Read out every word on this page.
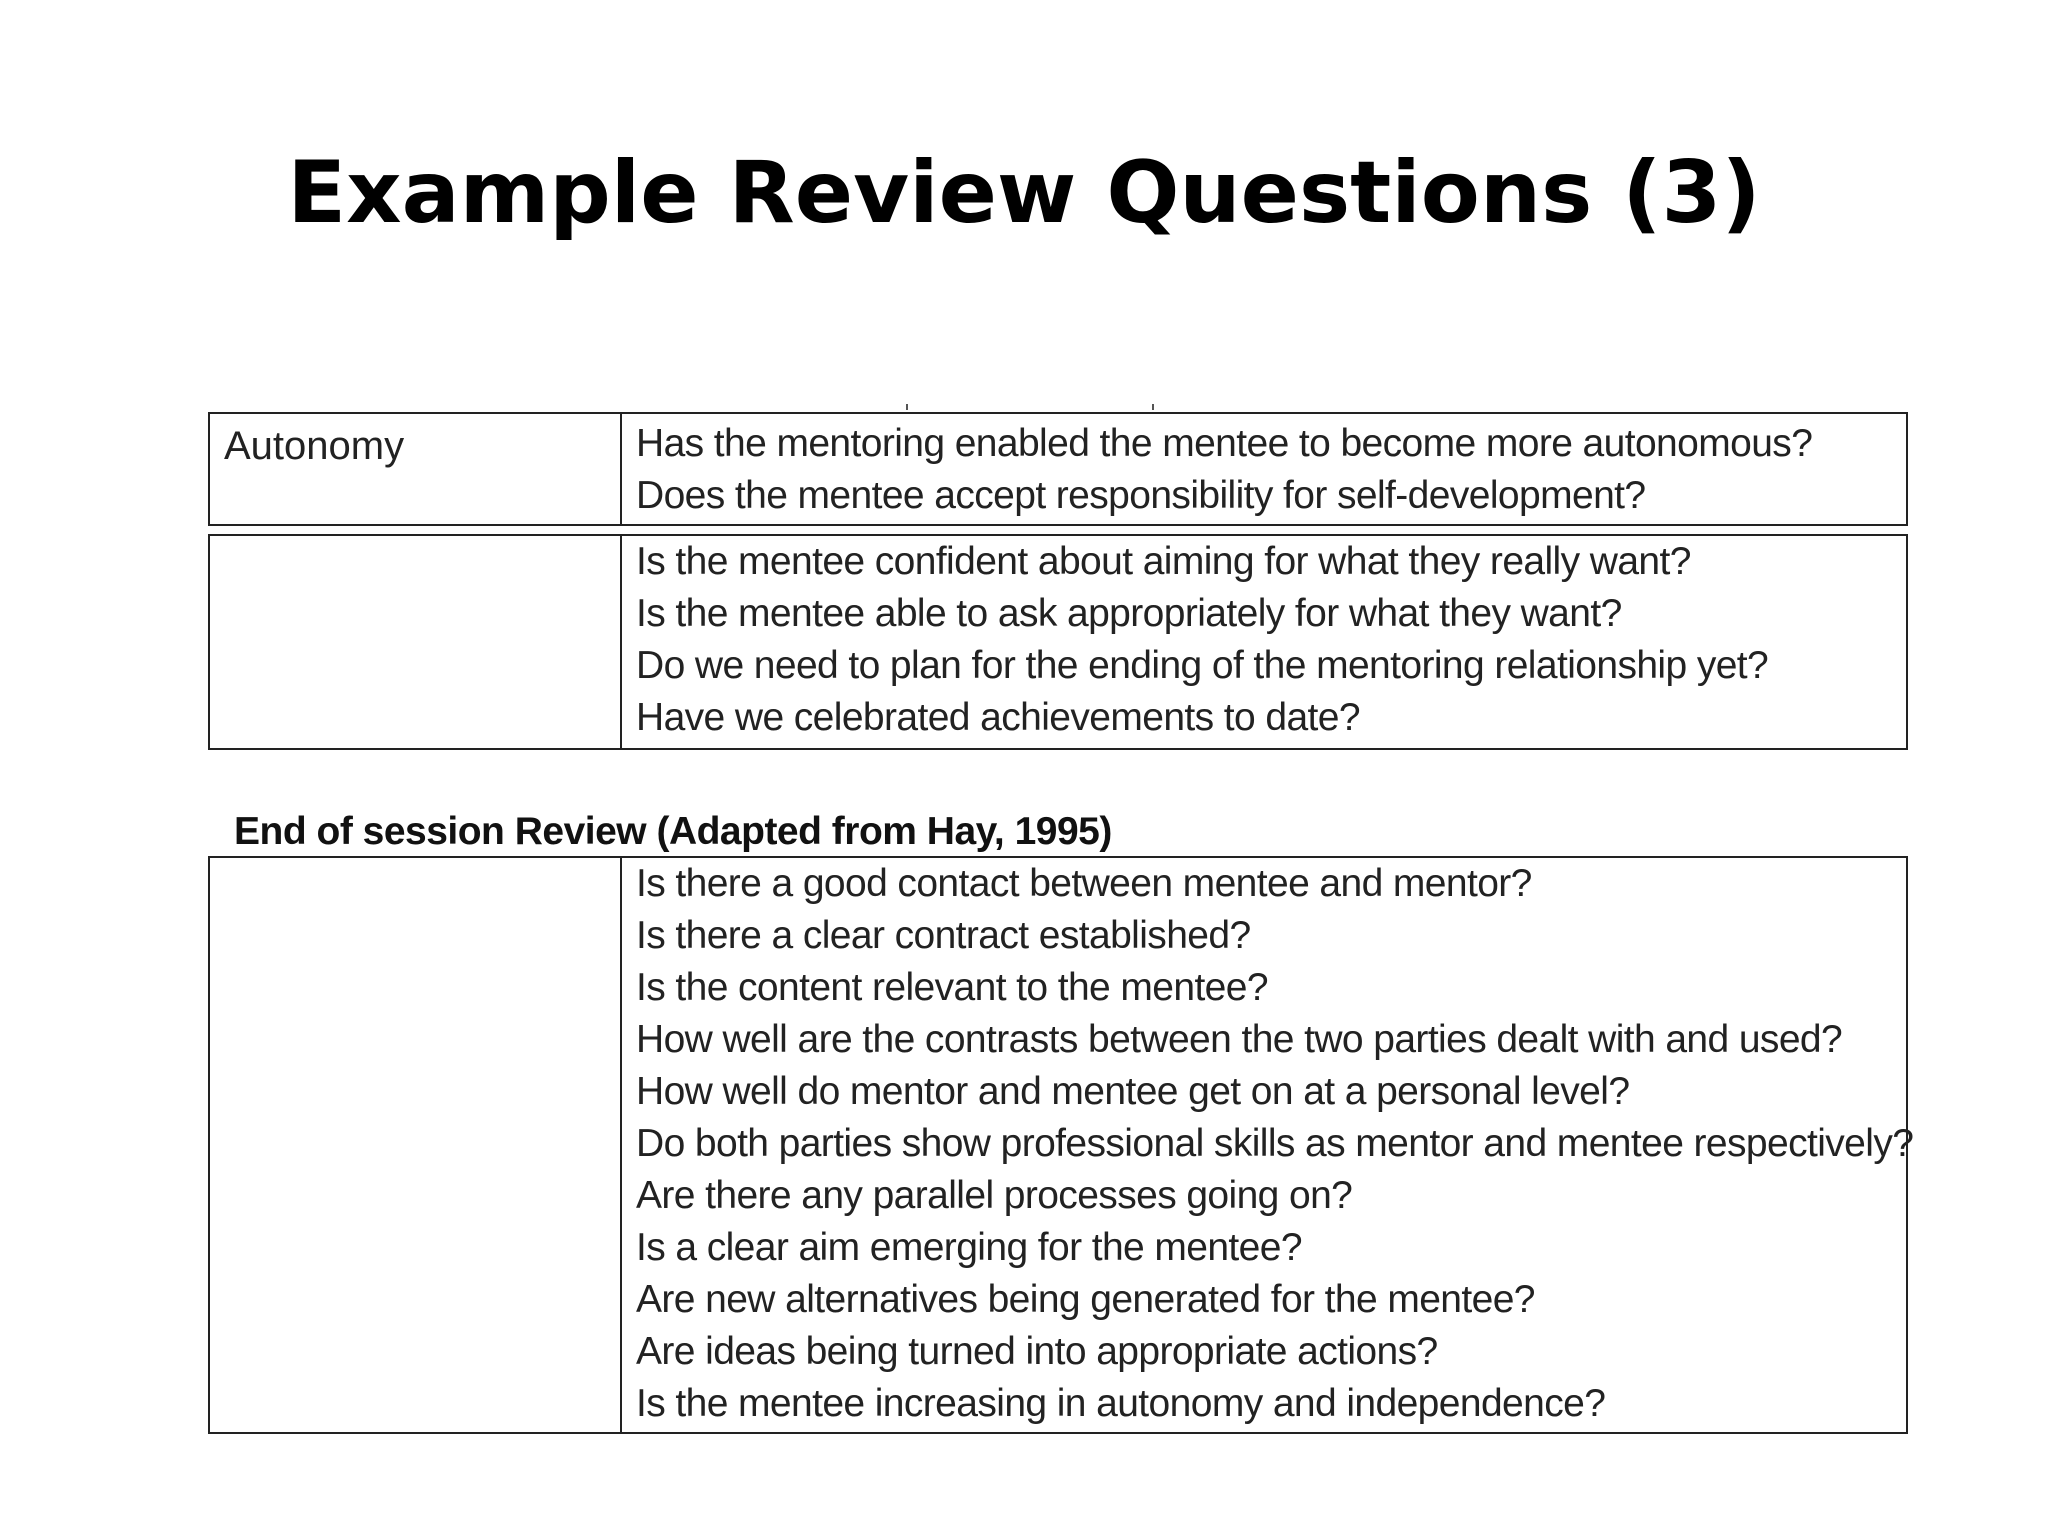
Example Review Questions (3)
Autonomy	Has the mentoring enabled the mentee to become more autonomous?
Does the mentee accept responsibility for self-development?
Is the mentee confident about aiming for what they really want?
Is the mentee able to ask appropriately for what they want?
Do we need to plan for the ending of the mentoring relationship yet?
Have we celebrated achievements to date?
End of session Review (Adapted from Hay, 1995)
Is there a good contact between mentee and mentor?
Is there a clear contract established?
Is the content relevant to the mentee?
How well are the contrasts between the two parties dealt with and used?
How well do mentor and mentee get on at a personal level?
Do both parties show professional skills as mentor and mentee respectively?
Are there any parallel processes going on?
Is a clear aim emerging for the mentee?
Are new alternatives being generated for the mentee?
Are ideas being turned into appropriate actions?
Is the mentee increasing in autonomy and independence?
